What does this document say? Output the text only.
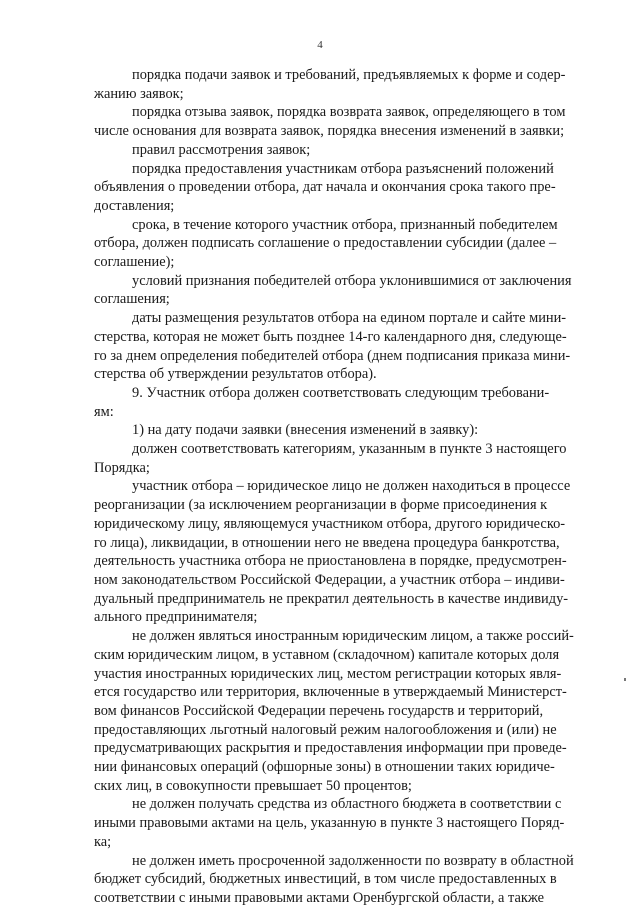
4

порядка подачи заявок и требований, предъявляемых к форме и содер-
жанию заявок;

порядка отзыва заявок, порядка возврата заявок, определяющего в том
числе основания для возврата заявок, порядка внесения изменений в заявки;

правил рассмотрения заявок;

порядка предоставления участникам отбора разъяснений положений
объявления о проведении отбора, дат начала и окончания срока такого пре-
доставления;

срока, в течение которого участник отбора, признанный победителем
отбора, должен подписать соглашение о предоставлении субсидии (далее –
соглашение);

условий признания победителей отбора уклонившимися от заключения
соглашения;

даты размещения результатов отбора на едином портале и сайте мини-
стерства, которая не может быть позднее 14-го календарного дня, следующе-
го за днем определения победителей отбора (днем подписания приказа мини-
стерства об утверждении результатов отбора).

9. Участник отбора должен соответствовать следующим требовани-
ям:

1) на дату подачи заявки (внесения изменений в заявку):

должен соответствовать категориям, указанным в пункте 3 настоящего
Порядка;

участник отбора – юридическое лицо не должен находиться в процессе
реорганизации (за исключением реорганизации в форме присоединения к
юридическому лицу, являющемуся участником отбора, другого юридическо-
го лица), ликвидации, в отношении него не введена процедура банкротства,
деятельность участника отбора не приостановлена в порядке, предусмотрен-
ном законодательством Российской Федерации, а участник отбора – индиви-
дуальный предприниматель не прекратил деятельность в качестве индивиду-
ального предпринимателя;

не должен являться иностранным юридическим лицом, а также россий-
ским юридическим лицом, в уставном (складочном) капитале которых доля
участия иностранных юридических лиц, местом регистрации которых явля-
ется государство или территория, включенные в утверждаемый Министерст-
вом финансов Российской Федерации перечень государств и территорий,
предоставляющих льготный налоговый режим налогообложения и (или) не
предусматривающих раскрытия и предоставления информации при проведе-
нии финансовых операций (офшорные зоны) в отношении таких юридиче-
ских лиц, в совокупности превышает 50 процентов;

не должен получать средства из областного бюджета в соответствии с
иными правовыми актами на цель, указанную в пункте 3 настоящего Поряд-
ка;

не должен иметь просроченной задолженности по возврату в областной
бюджет субсидий, бюджетных инвестиций, в том числе предоставленных в
соответствии с иными правовыми актами Оренбургской области, а также
